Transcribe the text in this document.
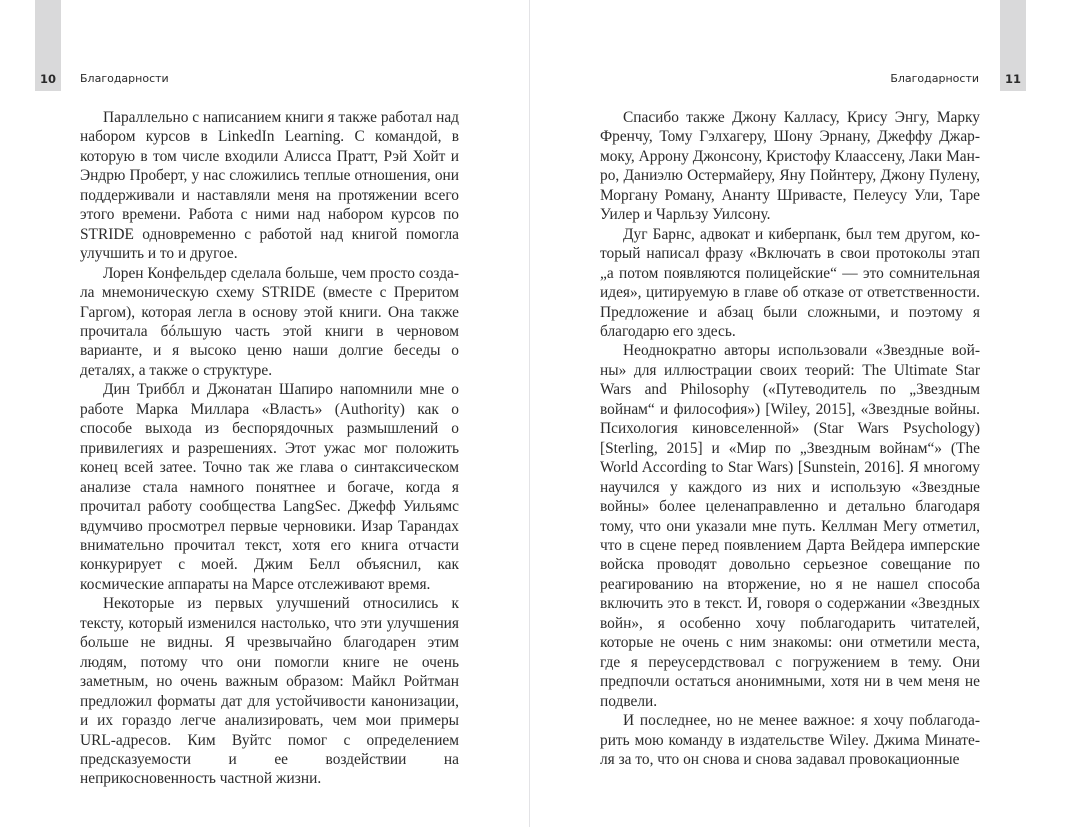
10	Благодарности

Параллельно с написанием книги я также работал над набором курсов в LinkedIn Learning. С командой, в которую в том числе входили Алисса Пратт, Рэй Хойт и Эндрю Проберт, у нас сложились теплые отношения, они поддерживали и наставляли меня на протяжении всего этого времени. Работа с ними над набором курсов по STRIDE одновременно с работой над книгой помогла улучшить и то и другое.

Лорен Конфельдер сделала больше, чем просто создала мнемоническую схему STRIDE (вместе с Преритом Гаргом), которая легла в основу этой книги. Она также прочитала бóльшую часть этой книги в черновом варианте, и я высоко ценю наши долгие беседы о деталях, а также о структуре.

Дин Триббл и Джонатан Шапиро напомнили мне о работе Марка Миллара «Власть» (Authority) как о способе выхода из беспорядочных размышлений о привилегиях и разрешениях. Этот ужас мог положить конец всей затее. Точно так же глава о синтаксическом анализе стала намного понятнее и богаче, когда я прочитал работу сообщества LangSec. Джефф Уильямс вдумчиво просмотрел первые черновики. Изар Тарандах внимательно прочитал текст, хотя его книга отчасти конкурирует с моей. Джим Белл объяснил, как космические аппараты на Марсе отслеживают время.

Некоторые из первых улучшений относились к тексту, который изменился настолько, что эти улучшения больше не видны. Я чрезвычайно благодарен этим людям, потому что они помогли книге не очень заметным, но очень важным образом: Майкл Ройтман предложил форматы дат для устойчивости канонизации, и их гораздо легче анализировать, чем мои примеры URL-адресов. Ким Вуйтс помог с определением предсказуемости и ее воздействии на неприкосновенность частной жизни.

11
Благодарности

Спасибо также Джону Калласу, Крису Энгу, Марку Френчу, Тому Гэлхагеру, Шону Эрнану, Джеффу Джармоку, Аррону Джонсону, Кристофу Клаассену, Лаки Манро, Даниэлю Остермайеру, Яну Пойнтеру, Джону Пулену, Моргану Роману, Ананту Шривасте, Пелеусу Ули, Таре Уилер и Чарльзу Уилсону.

Дуг Барнс, адвокат и киберпанк, был тем другом, который написал фразу «Включать в свои протоколы этап „а потом появляются полицейские“ — это сомнительная идея», цитируемую в главе об отказе от ответственности. Предложение и абзац были сложными, и поэтому я благодарю его здесь.

Неоднократно авторы использовали «Звездные войны» для иллюстрации своих теорий: The Ultimate Star Wars and Philosophy («Путеводитель по „Звездным войнам“ и философия») [Wiley, 2015], «Звездные войны. Психология киновселенной» (Star Wars Psychology) [Sterling, 2015] и «Мир по „Звездным войнам“» (The World According to Star Wars) [Sunstein, 2016]. Я многому научился у каждого из них и использую «Звездные войны» более целенаправленно и детально благодаря тому, что они указали мне путь. Келлман Мегу отметил, что в сцене перед появлением Дарта Вейдера имперские войска проводят довольно серьезное совещание по реагированию на вторжение, но я не нашел способа включить это в текст. И, говоря о содержании «Звездных войн», я особенно хочу поблагодарить читателей, которые не очень с ним знакомы: они отметили места, где я переусердствовал с погружением в тему. Они предпочли остаться анонимными, хотя ни в чем меня не подвели.

И последнее, но не менее важное: я хочу поблагодарить мою команду в издательстве Wiley. Джима Минателя за то, что он снова и снова задавал провокационные
